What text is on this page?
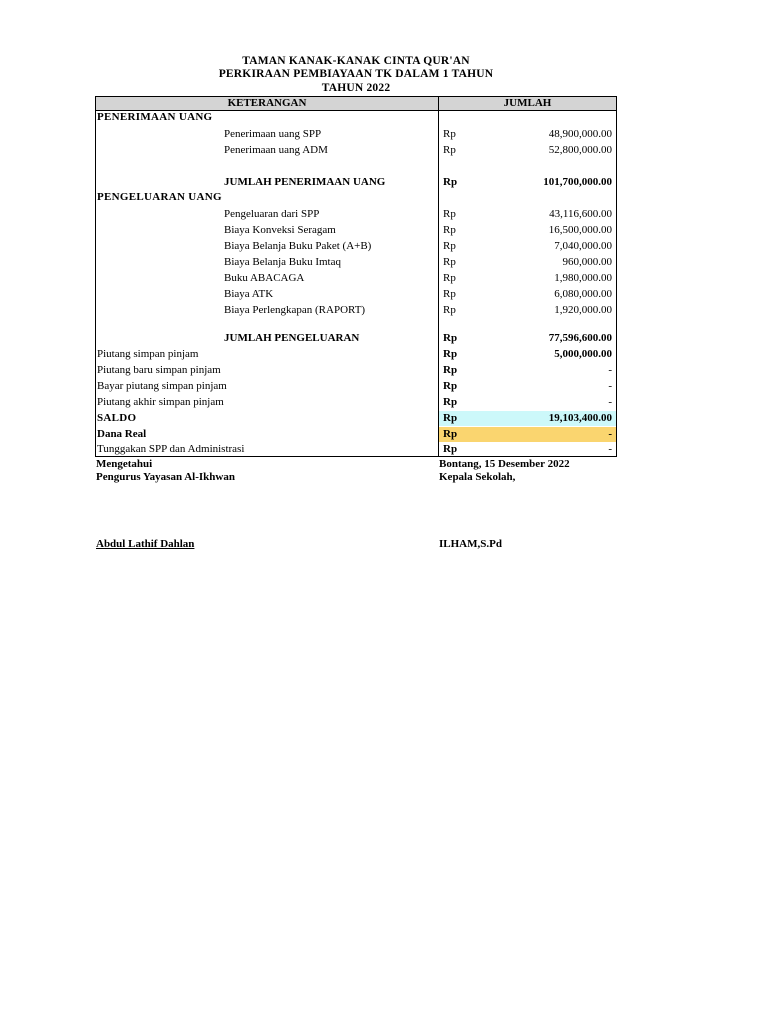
TAMAN KANAK-KANAK CINTA QUR'AN
PERKIRAAN PEMBIAYAAN TK DALAM 1 TAHUN
TAHUN 2022
KETERANGAN	JUMLAH
PENERIMAAN UANG
Penerimaan uang SPP	Rp	48,900,000.00
Penerimaan uang ADM	Rp	52,800,000.00
JUMLAH PENERIMAAN UANG	Rp	101,700,000.00
PENGELUARAN UANG
Pengeluaran dari SPP	Rp	43,116,600.00
Biaya Konveksi Seragam	Rp	16,500,000.00
Biaya Belanja Buku Paket (A+B)	Rp	7,040,000.00
Biaya Belanja Buku Imtaq	Rp	960,000.00
Buku ABACAGA	Rp	1,980,000.00
Biaya ATK	Rp	6,080,000.00
Biaya Perlengkapan (RAPORT)	Rp	1,920,000.00
JUMLAH PENGELUARAN	Rp	77,596,600.00
Piutang simpan pinjam	Rp	5,000,000.00
Piutang baru simpan pinjam	Rp	-
Bayar piutang simpan pinjam	Rp	-
Piutang akhir simpan pinjam	Rp	-
SALDO	Rp	19,103,400.00
Dana Real	Rp	-
Tunggakan SPP dan Administrasi	Rp	-
Mengetahui
Pengurus Yayasan Al-Ikhwan
Abdul Lathif Dahlan
Bontang, 15 Desember 2022
Kepala Sekolah,
ILHAM,S.Pd
